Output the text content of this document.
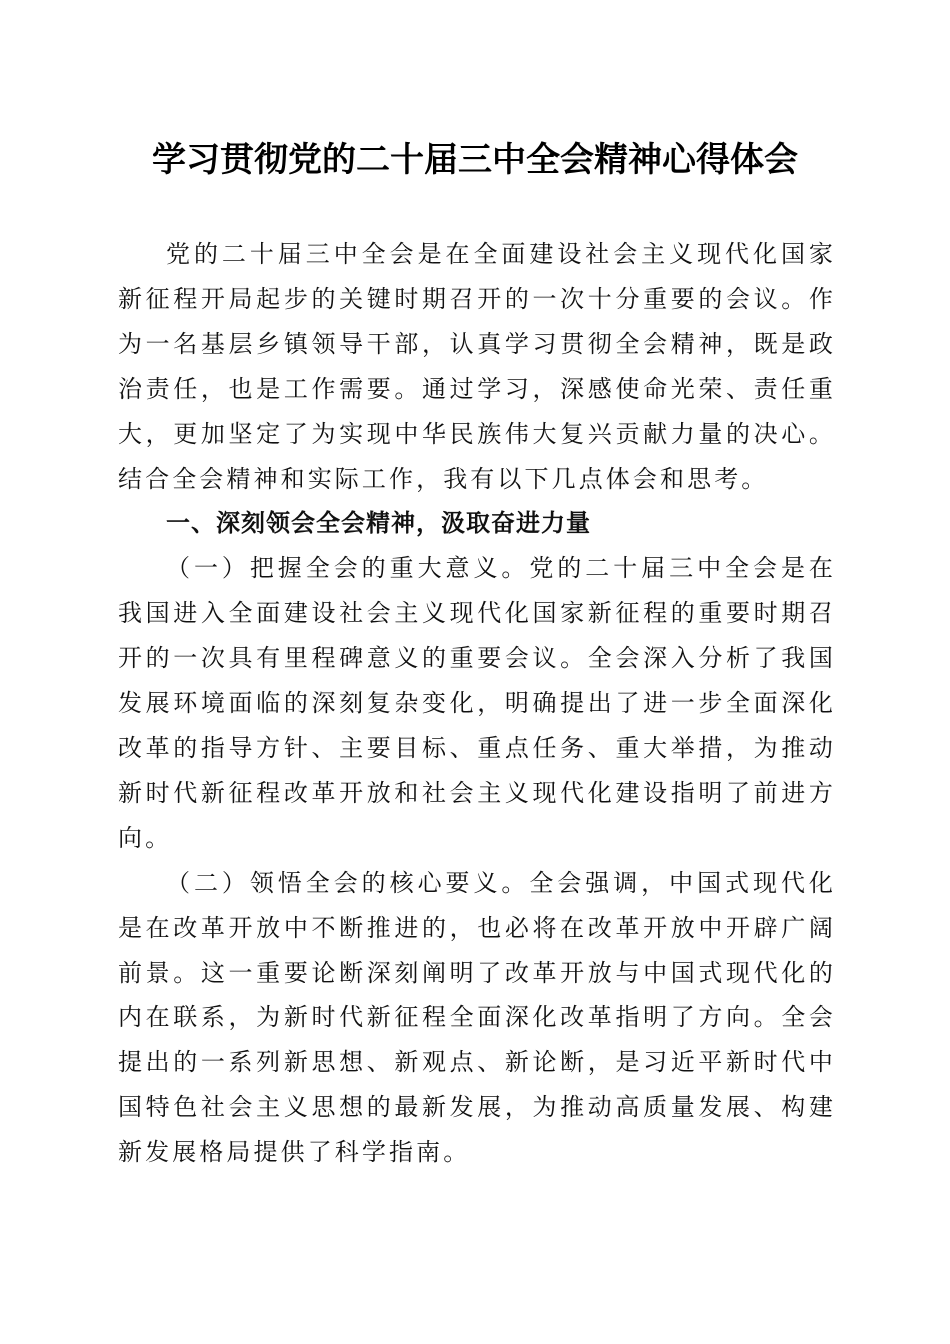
学习贯彻党的二十届三中全会精神心得体会

党的二十届三中全会是在全面建设社会主义现代化国家新征程开局起步的关键时期召开的一次十分重要的会议。作为一名基层乡镇领导干部，认真学习贯彻全会精神，既是政治责任，也是工作需要。通过学习，深感使命光荣、责任重大，更加坚定了为实现中华民族伟大复兴贡献力量的决心。结合全会精神和实际工作，我有以下几点体会和思考。

一、深刻领会全会精神，汲取奋进力量

（一）把握全会的重大意义。党的二十届三中全会是在我国进入全面建设社会主义现代化国家新征程的重要时期召开的一次具有里程碑意义的重要会议。全会深入分析了我国发展环境面临的深刻复杂变化，明确提出了进一步全面深化改革的指导方针、主要目标、重点任务、重大举措，为推动新时代新征程改革开放和社会主义现代化建设指明了前进方向。

（二）领悟全会的核心要义。全会强调，中国式现代化是在改革开放中不断推进的，也必将在改革开放中开辟广阔前景。这一重要论断深刻阐明了改革开放与中国式现代化的内在联系，为新时代新征程全面深化改革指明了方向。全会提出的一系列新思想、新观点、新论断，是习近平新时代中国特色社会主义思想的最新发展，为推动高质量发展、构建新发展格局提供了科学指南。
